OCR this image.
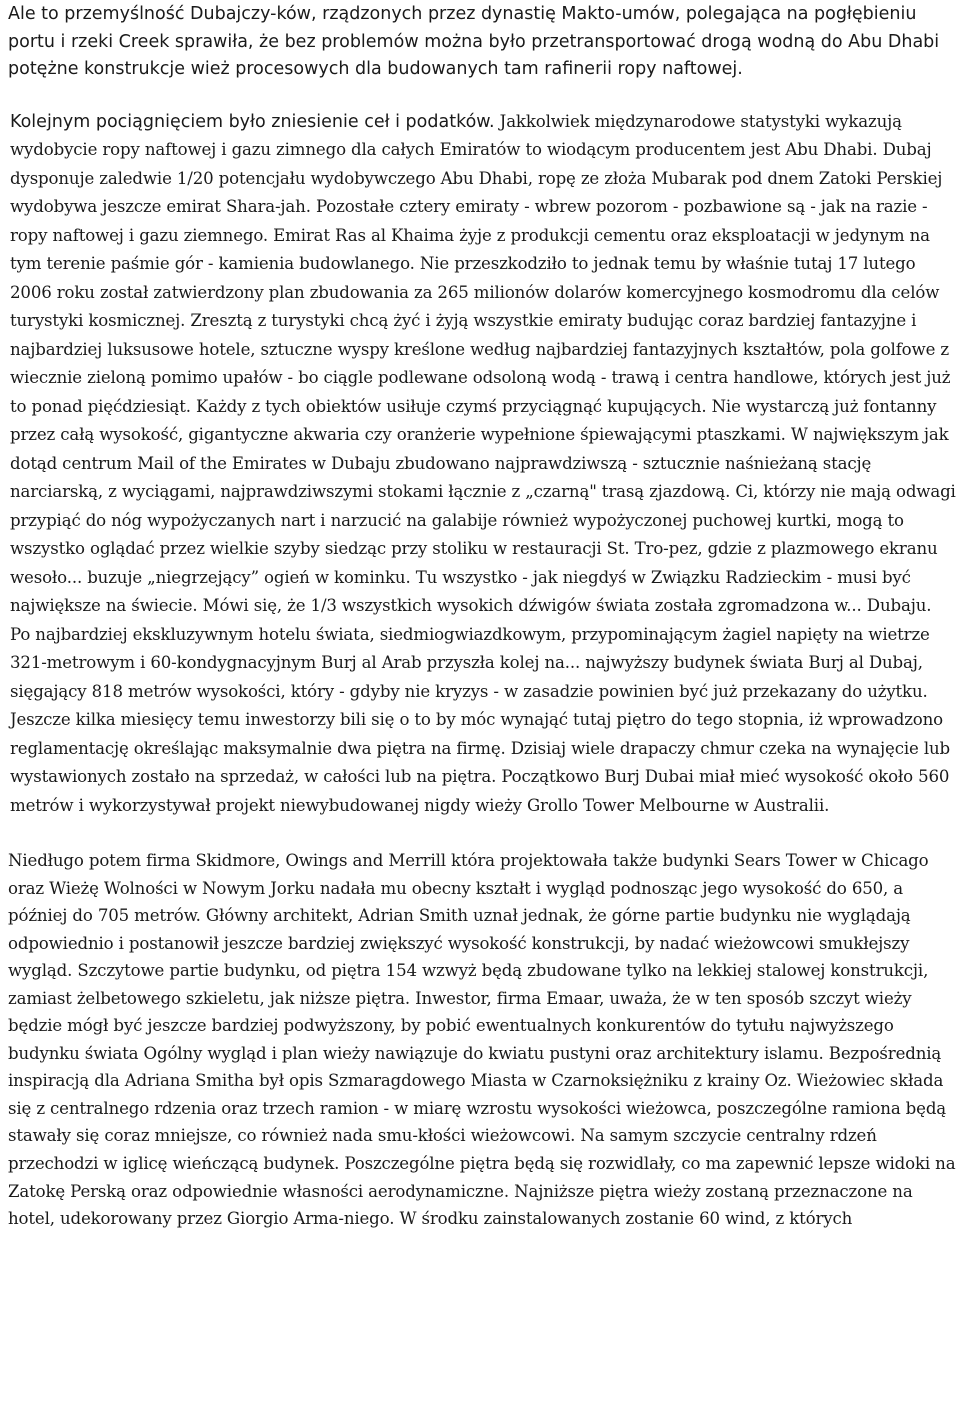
Ale to przemyślność Dubajczy-ków, rządzonych przez dynastię Makto-umów, polegająca na pogłębieniu portu i rzeki Creek sprawiła, że bez problemów można było przetransportować drogą wodną do Abu Dhabi potężne konstrukcje wież procesowych dla budowanych tam rafinerii ropy naftowej.

Kolejnym pociągnięciem było zniesienie ceł i podatków. Jakkolwiek międzynarodowe statystyki wykazują wydobycie ropy naftowej i gazu zimnego dla całych Emiratów to wiodącym producentem jest Abu Dhabi. Dubaj dysponuje zaledwie 1/20 potencjału wydobywczego Abu Dhabi, ropę ze złoża Mubarak pod dnem Zatoki Perskiej wydobywa jeszcze emirat Shara-jah. Pozostałe cztery emiraty - wbrew pozorom - pozbawione są - jak na razie - ropy naftowej i gazu ziemnego. Emirat Ras al Khaima żyje z produkcji cementu oraz eksploatacji w jedynym na tym terenie paśmie gór - kamienia budowlanego. Nie przeszkodziło to jednak temu by właśnie tutaj 17 lutego 2006 roku został zatwierdzony plan zbudowania za 265 milionów dolarów komercyjnego kosmodromu dla celów turystyki kosmicznej. Zresztą z turystyki chcą żyć i żyją wszystkie emiraty budując coraz bardziej fantazyjne i najbardziej luksusowe hotele, sztuczne wyspy kreślone według najbardziej fantazyjnych kształtów, pola golfowe z wiecznie zieloną pomimo upałów - bo ciągle podlewane odsoloną wodą - trawą i centra handlowe, których jest już to ponad pięćdziesiąt. Każdy z tych obiektów usiłuje czymś przyciągnąć kupujących. Nie wystarczą już fontanny przez całą wysokość, gigantyczne akwaria czy oranżerie wypełnione śpiewającymi ptaszkami. W największym jak dotąd centrum Mail of the Emirates w Dubaju zbudowano najprawdziwszą - sztucznie naśnieżaną stację narciarską, z wyciągami, najprawdziwszymi stokami łącznie z „czarną" trasą zjazdową. Ci, którzy nie mają odwagi przypiąć do nóg wypożyczanych nart i narzucić na galabije również wypożyczonej puchowej kurtki, mogą to wszystko oglądać przez wielkie szyby siedząc przy stoliku w restauracji St. Tro-pez, gdzie z plazmowego ekranu wesoło... buzuje „niegrzejący” ogień w kominku. Tu wszystko - jak niegdyś w Związku Radzieckim - musi być największe na świecie. Mówi się, że 1/3 wszystkich wysokich dźwigów świata została zgromadzona w... Dubaju. Po najbardziej ekskluzywnym hotelu świata, siedmiogwiazdkowym, przypominającym żagiel napięty na wietrze 321-metrowym i 60-kondygnacyjnym Burj al Arab przyszła kolej na... najwyższy budynek świata Burj al Dubaj, sięgający 818 metrów wysokości, który - gdyby nie kryzys - w zasadzie powinien być już przekazany do użytku. Jeszcze kilka miesięcy temu inwestorzy bili się o to by móc wynająć tutaj piętro do tego stopnia, iż wprowadzono reglamentację określając maksymalnie dwa piętra na firmę. Dzisiaj wiele drapaczy chmur czeka na wynajęcie lub wystawionych zostało na sprzedaż, w całości lub na piętra. Początkowo Burj Dubai miał mieć wysokość około 560 metrów i wykorzystywał projekt niewybudowanej nigdy wieży Grollo Tower Melbourne w Australii.

Niedługo potem firma Skidmore, Owings and Merrill która projektowała także budynki Sears Tower w Chicago oraz Wieżę Wolności w Nowym Jorku nadała mu obecny kształt i wygląd podnosząc jego wysokość do 650, a później do 705 metrów. Główny architekt, Adrian Smith uznał jednak, że górne partie budynku nie wyglądają odpowiednio i postanowił jeszcze bardziej zwiększyć wysokość konstrukcji, by nadać wieżowcowi smukłejszy wygląd. Szczytowe partie budynku, od piętra 154 wzwyż będą zbudowane tylko na lekkiej stalowej konstrukcji, zamiast żelbetowego szkieletu, jak niższe piętra. Inwestor, firma Emaar, uważa, że w ten sposób szczyt wieży będzie mógł być jeszcze bardziej podwyższony, by pobić ewentualnych konkurentów do tytułu najwyższego budynku świata Ogólny wygląd i plan wieży nawiązuje do kwiatu pustyni oraz architektury islamu. Bezpośrednią inspiracją dla Adriana Smitha był opis Szmaragdowego Miasta w Czarnoksiężniku z krainy Oz. Wieżowiec składa się z centralnego rdzenia oraz trzech ramion - w miarę wzrostu wysokości wieżowca, poszczególne ramiona będą stawały się coraz mniejsze, co również nada smu-kłości wieżowcowi. Na samym szczycie centralny rdzeń przechodzi w iglicę wieńczącą budynek. Poszczególne piętra będą się rozwidlały, co ma zapewnić lepsze widoki na Zatokę Perską oraz odpowiednie własności aerodynamiczne. Najniższe piętra wieży zostaną przeznaczone na hotel, udekorowany przez Giorgio Arma-niego. W środku zainstalowanych zostanie 60 wind, z których
